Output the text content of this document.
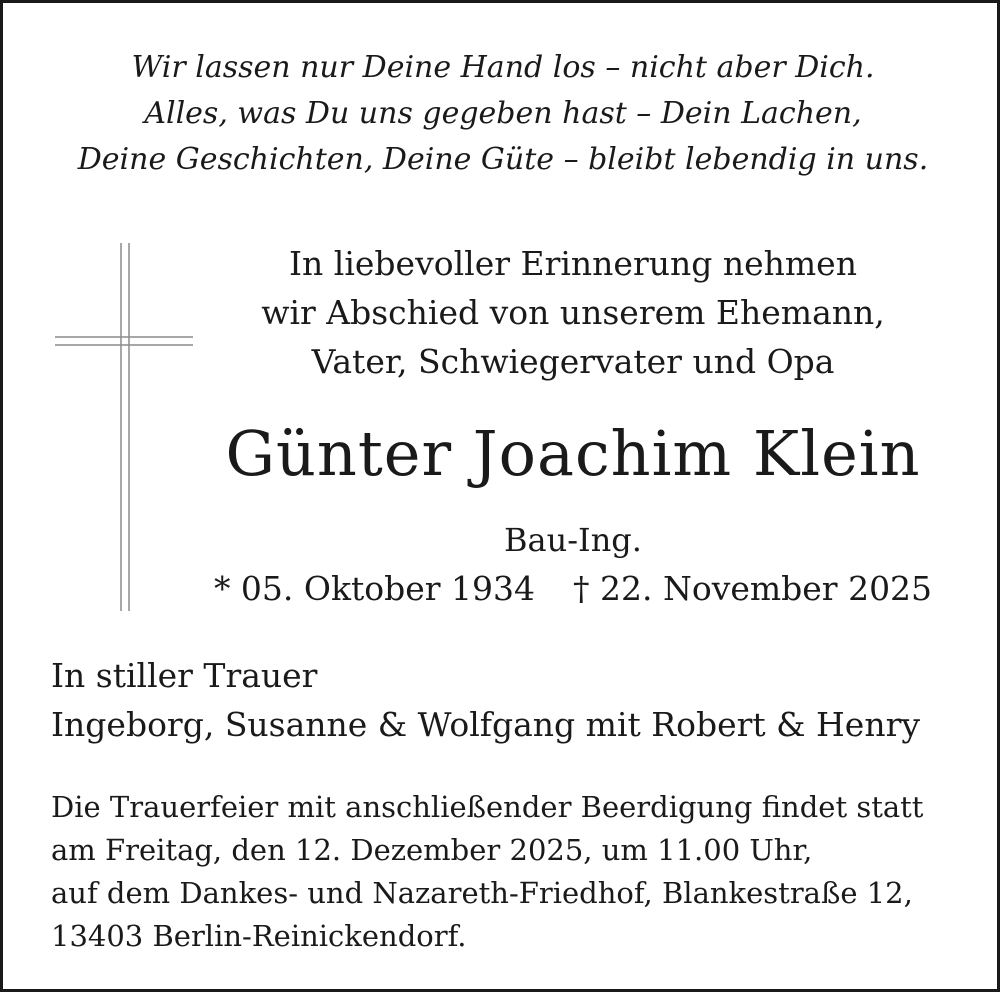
Wir lassen nur Deine Hand los – nicht aber Dich.
Alles, was Du uns gegeben hast – Dein Lachen,
Deine Geschichten, Deine Güte – bleibt lebendig in uns.
In liebevoller Erinnerung nehmen
wir Abschied von unserem Ehemann,
Vater, Schwiegervater und Opa
Günter Joachim Klein
Bau-Ing.
* 05. Oktober 1934 † 22. November 2025
In stiller Trauer
Ingeborg, Susanne & Wolfgang mit Robert & Henry
Die Trauerfeier mit anschließender Beerdigung findet statt
am Freitag, den 12. Dezember 2025, um 11.00 Uhr,
auf dem Dankes- und Nazareth-Friedhof, Blankestraße 12,
13403 Berlin-Reinickendorf.
